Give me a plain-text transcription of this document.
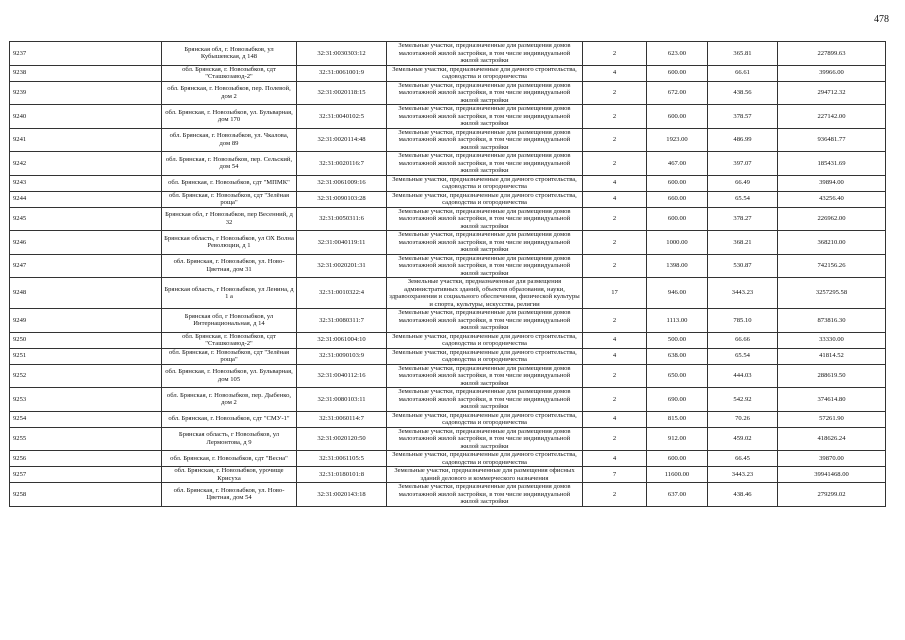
478
9237	Брянская обл, г. Новозыбков, ул Кубышевская, д 148	32:31:0030303:12	Земельные участки, предназначенные для размещения домов малоэтажной жилой застройки, в том числе индивидуальной жилой застройки	2	623.00	365.81	227899.63
9238	обл. Брянская, г. Новозыбков, сдт "Сташкозавод-2"	32:31:0061001:9	Земельные участки, предназначенные для дачного строительства, садоводства и огородничества	4	600.00	66.61	39966.00
9239	обл. Брянская, г. Новозыбков, пер. Полевой, дом 2	32:31:0020118:15	Земельные участки, предназначенные для размещения домов малоэтажной жилой застройки, в том числе индивидуальной жилой застройки	2	672.00	438.56	294712.32
9240	обл. Брянская, г. Новозыбков, ул. Бульварная, дом 170	32:31:0040102:5	Земельные участки, предназначенные для размещения домов малоэтажной жилой застройки, в том числе индивидуальной жилой застройки	2	600.00	378.57	227142.00
9241	обл. Брянская, г. Новозыбков, ул. Чкалова, дом 89	32:31:0020114:48	Земельные участки, предназначенные для размещения домов малоэтажной жилой застройки, в том числе индивидуальной жилой застройки	2	1923.00	486.99	936481.77
9242	обл. Брянская, г. Новозыбков, пер. Сельский, дом 54	32:31:0020116:7	Земельные участки, предназначенные для размещения домов малоэтажной жилой застройки, в том числе индивидуальной жилой застройки	2	467.00	397.07	185431.69
9243	обл. Брянская, г. Новозыбков, сдт "МПМК"	32:31:0061009:16	Земельные участки, предназначенные для дачного строительства, садоводства и огородничества	4	600.00	66.49	39894.00
9244	обл. Брянская, г. Новозыбков, сдт "Зелёная роща"	32:31:0090103:28	Земельные участки, предназначенные для дачного строительства, садоводства и огородничества	4	660.00	65.54	43256.40
9245	Брянская обл, г Новозыбков, пер Весенний, д 32	32:31:0050311:6	Земельные участки, предназначенные для размещения домов малоэтажной жилой застройки, в том числе индивидуальной жилой застройки	2	600.00	378.27	226962.00
9246	Брянская область, г Новозыбков, ул ОХ Волна Революции, д 1	32:31:0040119:11	Земельные участки, предназначенные для размещения домов малоэтажной жилой застройки, в том числе индивидуальной жилой застройки	2	1000.00	368.21	368210.00
9247	обл. Брянская, г. Новозыбков, ул. Ново-Цветная, дом 31	32:31:0020201:31	Земельные участки, предназначенные для размещения домов малоэтажной жилой застройки, в том числе индивидуальной жилой застройки	2	1398.00	530.87	742156.26
9248	Брянская область, г Новозыбков, ул Ленина, д 1 а	32:31:0010322:4	Земельные участки, предназначенные для размещения административных зданий, объектов образования, науки, здравоохранения и социального обеспечения, физической культуры и спорта, культуры, искусства, религии	17	946.00	3443.23	3257295.58
9249	Брянская обл, г Новозыбков, ул Интернациональная, д 14	32:31:0080311:7	Земельные участки, предназначенные для размещения домов малоэтажной жилой застройки, в том числе индивидуальной жилой застройки	2	1113.00	785.10	873816.30
9250	обл. Брянская, г. Новозыбков, сдт "Сташкозавод-2"	32:31:0061004:10	Земельные участки, предназначенные для дачного строительства, садоводства и огородничества	4	500.00	66.66	33330.00
9251	обл. Брянская, г. Новозыбков, сдт "Зелёная роща"	32:31:0090103:9	Земельные участки, предназначенные для дачного строительства, садоводства и огородничества	4	638.00	65.54	41814.52
9252	обл. Брянская, г. Новозыбков, ул. Бульварная, дом 105	32:31:0040112:16	Земельные участки, предназначенные для размещения домов малоэтажной жилой застройки, в том числе индивидуальной жилой застройки	2	650.00	444.03	288619.50
9253	обл. Брянская, г. Новозыбков, пер. Дыбенко, дом 2	32:31:0080103:11	Земельные участки, предназначенные для размещения домов малоэтажной жилой застройки, в том числе индивидуальной жилой застройки	2	690.00	542.92	374614.80
9254	обл. Брянская, г. Новозыбков, сдт "СМУ-1"	32:31:0060114:7	Земельные участки, предназначенные для дачного строительства, садоводства и огородничества	4	815.00	70.26	57261.90
9255	Брянская область, г Новозыбков, ул Лермонтова, д 9	32:31:0020120:50	Земельные участки, предназначенные для размещения домов малоэтажной жилой застройки, в том числе индивидуальной жилой застройки	2	912.00	459.02	418626.24
9256	обл. Брянская, г. Новозыбков, сдт "Весна"	32:31:0061105:5	Земельные участки, предназначенные для дачного строительства, садоводства и огородничества	4	600.00	66.45	39870.00
9257	обл. Брянская, г. Новозыбков, урочище Крисуха	32:31:0180101:8	Земельные участки, предназначенные для размещения офисных зданий делового и коммерческого назначения	7	11600.00	3443.23	39941468.00
9258	обл. Брянская, г. Новозыбков, ул. Ново-Цветная, дом 54	32:31:0020143:18	Земельные участки, предназначенные для размещения домов малоэтажной жилой застройки, в том числе индивидуальной жилой застройки	2	637.00	438.46	279299.02
